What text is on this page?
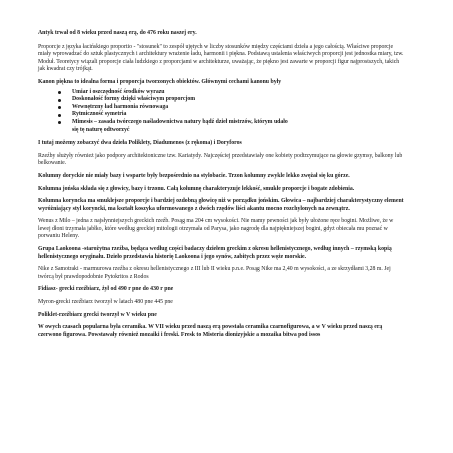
Antyk trwał od 8 wieku przed naszą erą, do 476 roku naszej ery.

Proporcje z języka łacińskiego proportio - "stosunek" to zespół ujętych w liczby stosunków między częściami dzieła a jego całością. Właściwe proporcje miały wprowadzać do sztuk plastycznych i architektury wrażenie ładu, harmonii i piękna. Podstawą ustalenia właściwych proporcji jest jednostka miary, tzw. Moduł. Teoretycy wiązali proporcje ciała ludzkiego z proporcjami w architekturze, uważając, że piękno jest zawarte w proporcji figur najprostszych, takich jak kwadrat czy trójkąt.

Kanon piękna to idealna forma i proporcja tworzonych obiektów. Głównymi cechami kanonu były

Umiar i oszczędność środków wyrazu
Doskonałość formy dzięki właściwym proporcjom
Wewnętrzny ład harmonia równowaga
Rytmiczność symetria
Mimesis – zasada twórczego naśladownictwa natury bądź dzieł mistrzów, którym udało
się tę naturę odtworzyć

I tutaj możemy zobaczyć dwa dzieła Poliklety, Diadumenos (z rękoma) i Doryforos

Rzeźby służyły również jako podpory architektoniczne tzw. Kariatydy. Najczęściej przedstawiały one kobiety podtrzymujące na głowie gzymsy, balkony lub belkowanie.

Kolumny doryckie nie miały bazy i wsparte były bezpośrednio na stylobacie. Trzon kolumny zwykle lekko zwężał się ku górze.

Kolumna jońska składa się z głowicy, bazy i trzonu. Całą kolumnę charakteryzuje lekkość, smukłe proporcje i bogate zdobienia.

Kolumna koryncka ma smuklejsze proporcje i bardziej ozdobną głowicę niż w porządku jońskim. Głowica – najbardziej charakterystyczny element wyróżniający styl koryncki, ma kształt koszyka uformowanego z dwóch rzędów liści akantu mocno rozchylonych na zewnątrz.

Wenus z Milo – jedna z najsłynniejszych greckich rzeźb. Posąg ma 204 cm wysokości. Nie mamy pewności jak były ułożone ręce bogini. Możliwe, że w lewej dłoni trzymała jabłko, które według greckiej mitologii otrzymała od Parysa, jako nagrodę dla najpiękniejszej bogini, gdyż obiecała mu poznać w porwaniu Heleny.

Grupa Laokoona -starożytna rzeźba, będąca według części badaczy dziełem greckim z okresu hellenistycznego, według innych – rzymską kopią hellenistycznego oryginału. Dzieło przedstawia historię Laokoona i jego synów, zabitych przez węże morskie.

Nike z Samotraki - marmurowa rzeźba z okresu hellenistycznego z III lub II wieku p.n.e. Posąg Nike ma 2,40 m wysokości, a ze skrzydłami 3,28 m. Jej twórcą był prawdopodobnie Pytokritos z Rodos

Fidiasz- grecki rzeźbiarz, żył od 490 r pne do 430 r pne

Myron-grecki rzeźbiarz tworzył w latach 480 pne 445 pne

Poliklet-rzeźbiarz grecki tworzył w V wieku pne

W owych czasach popularna była ceramika. W VII wieku przed naszą erą powstała ceramika czarnofigurowa, a w V wieku przed naszą erą czerwono figurowa. Powstawały również mozaiki i freski. Fresk to Misteria dionizyjskie a mozaika bitwa pod issos
